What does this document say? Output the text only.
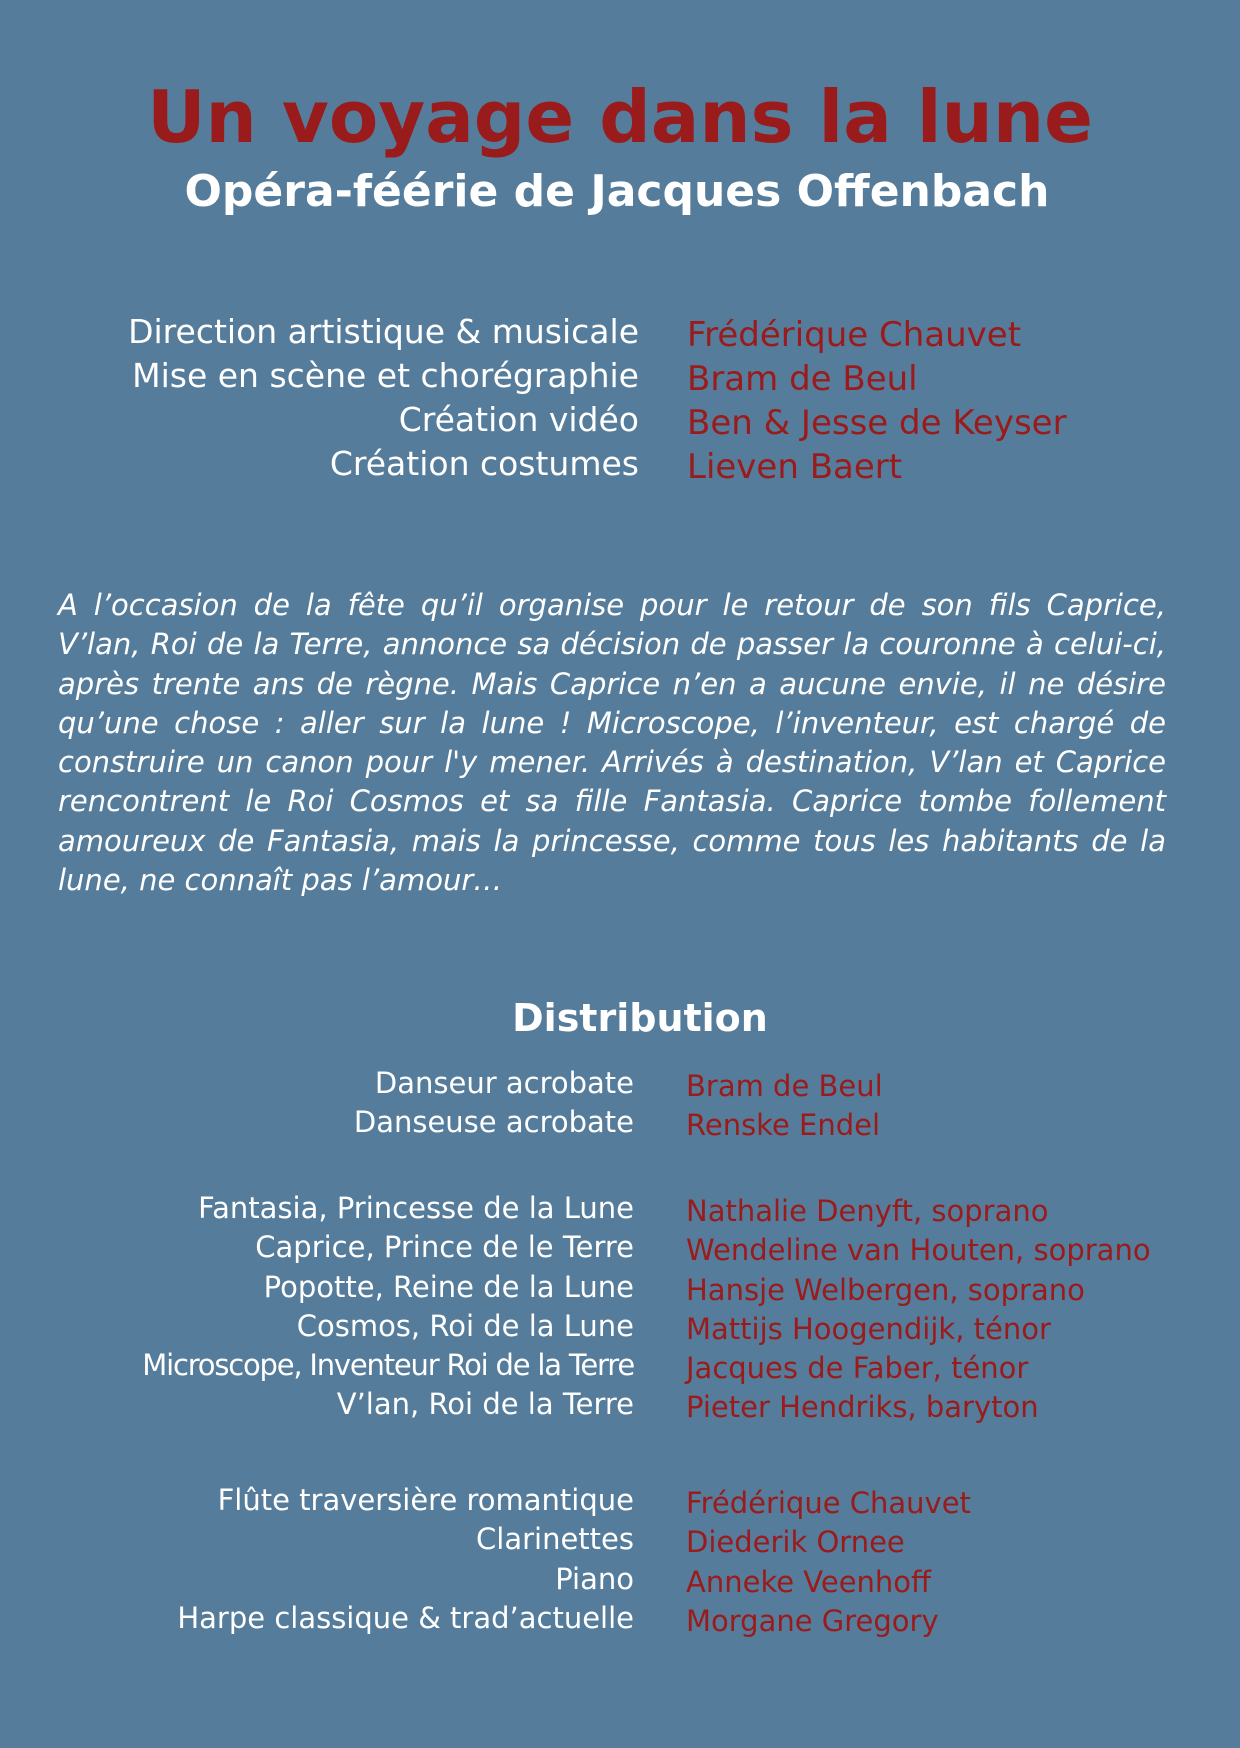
Un voyage dans la lune
Opéra-féérie de Jacques Offenbach
Direction artistique & musicale Frédérique Chauvet
Mise en scène et chorégraphie Bram de Beul
Création vidéo Ben & Jesse de Keyser
Création costumes Lieven Baert

A l’occasion de la fête qu’il organise pour le retour de son fils Caprice, V’lan, Roi de la Terre, annonce sa décision de passer la couronne à celui-ci, après trente ans de règne. Mais Caprice n’en a aucune envie, il ne désire qu’une chose : aller sur la lune ! Microscope, l’inventeur, est chargé de construire un canon pour l'y mener. Arrivés à destination, V’lan et Caprice rencontrent le Roi Cosmos et sa fille Fantasia. Caprice tombe follement amoureux de Fantasia, mais la princesse, comme tous les habitants de la lune, ne connaît pas l’amour…

Distribution
Danseur acrobate Bram de Beul
Danseuse acrobate Renske Endel
Fantasia, Princesse de la Lune Nathalie Denyft, soprano
Caprice, Prince de le Terre Wendeline van Houten, soprano
Popotte, Reine de la Lune Hansje Welbergen, soprano
Cosmos, Roi de la Lune Mattijs Hoogendijk, ténor
Microscope, Inventeur Roi de la Terre Jacques de Faber, ténor
V’lan, Roi de la Terre Pieter Hendriks, baryton
Flûte traversière romantique Frédérique Chauvet
Clarinettes Diederik Ornee
Piano Anneke Veenhoff
Harpe classique & trad’actuelle Morgane Gregory
